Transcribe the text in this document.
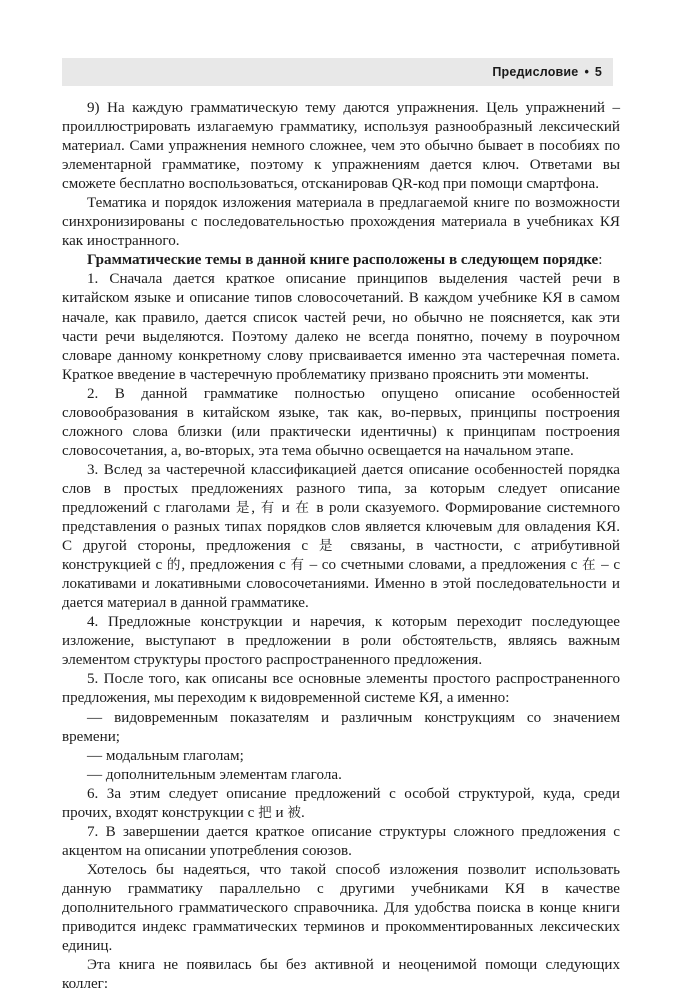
Предисловие • 5

9) На каждую грамматическую тему даются упражнения. Цель упражнений – проиллюстрировать излагаемую грамматику, используя разнообразный лексический материал. Сами упражнения немного сложнее, чем это обычно бывает в пособиях по элементарной грамматике, поэтому к упражнениям дается ключ. Ответами вы сможете бесплатно воспользоваться, отсканировав QR-код при помощи смартфона.

Тематика и порядок изложения материала в предлагаемой книге по возможности синхронизированы с последовательностью прохождения материала в учебниках КЯ как иностранного.

Грамматические темы в данной книге расположены в следующем порядке:

1. Сначала дается краткое описание принципов выделения частей речи в китайском языке и описание типов словосочетаний. В каждом учебнике КЯ в самом начале, как правило, дается список частей речи, но обычно не поясняется, как эти части речи выделяются. Поэтому далеко не всегда понятно, почему в поурочном словаре данному конкретному слову присваивается именно эта частеречная помета. Краткое введение в частеречную проблематику призвано прояснить эти моменты.

2. В данной грамматике полностью опущено описание особенностей словообразования в китайском языке, так как, во-первых, принципы построения сложного слова близки (или практически идентичны) к принципам построения словосочетания, а, во-вторых, эта тема обычно освещается на начальном этапе.

3. Вслед за частеречной классификацией дается описание особенностей порядка слов в простых предложениях разного типа, за которым следует описание предложений с глаголами 是, 有 и 在 в роли сказуемого. Формирование системного представления о разных типах порядков слов является ключевым для овладения КЯ. С другой стороны, предложения с 是 связаны, в частности, с атрибутивной конструкцией с 的, предложения с 有 – со счетными словами, а предложения с 在 – с локативами и локативными словосочетаниями. Именно в этой последовательности и дается материал в данной грамматике.

4. Предложные конструкции и наречия, к которым переходит последующее изложение, выступают в предложении в роли обстоятельств, являясь важным элементом структуры простого распространенного предложения.

5. После того, как описаны все основные элементы простого распространенного предложения, мы переходим к видовременной системе КЯ, а именно:

— видовременным показателям и различным конструкциям со значением времени;

— модальным глаголам;

— дополнительным элементам глагола.

6. За этим следует описание предложений с особой структурой, куда, среди прочих, входят конструкции с 把 и 被.

7. В завершении дается краткое описание структуры сложного предложения с акцентом на описании употребления союзов.

Хотелось бы надеяться, что такой способ изложения позволит использовать данную грамматику параллельно с другими учебниками КЯ в качестве дополнительного грамматического справочника. Для удобства поиска в конце книги приводится индекс грамматических терминов и прокомментированных лексических единиц.

Эта книга не появилась бы без активной и неоценимой помощи следующих коллег:
